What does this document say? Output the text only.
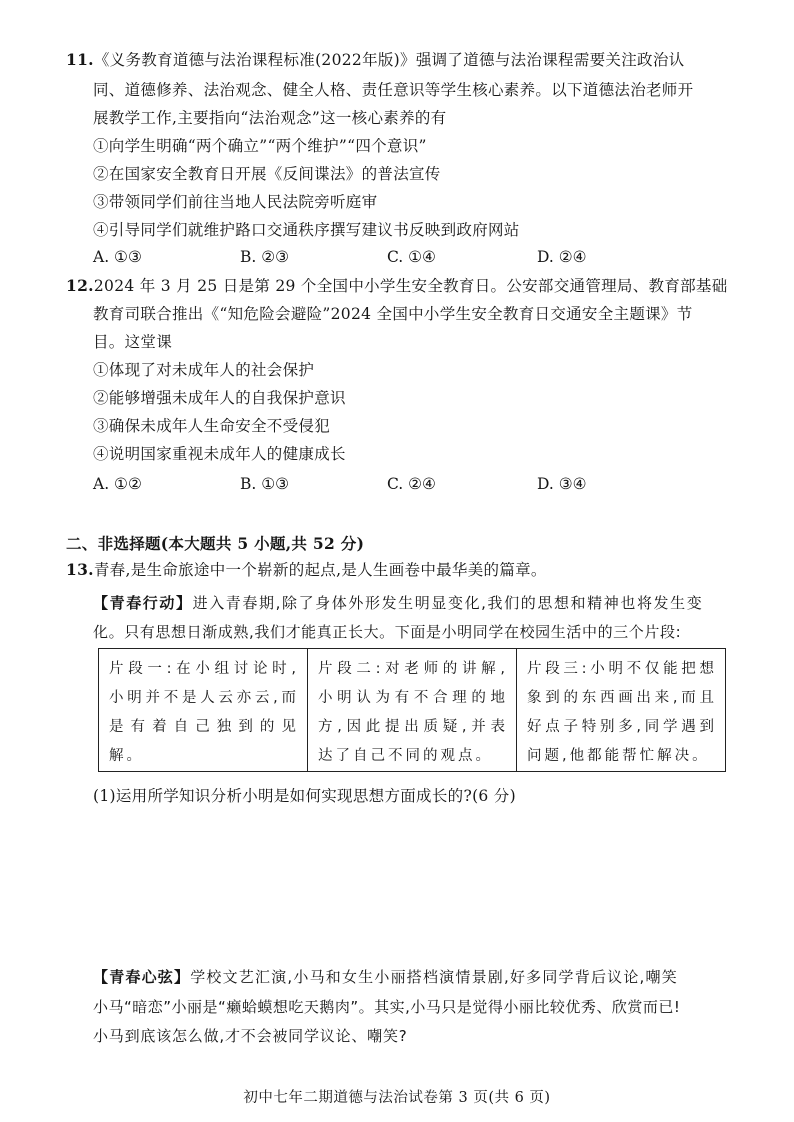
11.《义务教育道德与法治课程标准(2022年版)》强调了道德与法治课程需要关注政治认
同、道德修养、法治观念、健全人格、责任意识等学生核心素养。以下道德法治老师开
展教学工作,主要指向“法治观念”这一核心素养的有
①向学生明确“两个确立”“两个维护”“四个意识”
②在国家安全教育日开展《反间谍法》的普法宣传
③带领同学们前往当地人民法院旁听庭审
④引导同学们就维护路口交通秩序撰写建议书反映到政府网站
A. ①③	B. ②③	C. ①④	D. ②④
12.2024 年 3 月 25 日是第 29 个全国中小学生安全教育日。公安部交通管理局、教育部基础
教育司联合推出《“知危险会避险”2024 全国中小学生安全教育日交通安全主题课》节
目。这堂课
①体现了对未成年人的社会保护
②能够增强未成年人的自我保护意识
③确保未成年人生命安全不受侵犯
④说明国家重视未成年人的健康成长
A. ①②	B. ①③	C. ②④	D. ③④
二、非选择题(本大题共 5 小题,共 52 分)
13.青春,是生命旅途中一个崭新的起点,是人生画卷中最华美的篇章。
【青春行动】进入青春期,除了身体外形发生明显变化,我们的思想和精神也将发生变
化。只有思想日渐成熟,我们才能真正长大。下面是小明同学在校园生活中的三个片段:
片段一:在小组讨论时,小明并不是人云亦云,而是有着自己独到的见解。
片段二:对老师的讲解,小明认为有不合理的地方,因此提出质疑,并表达了自己不同的观点。
片段三:小明不仅能把想象到的东西画出来,而且好点子特别多,同学遇到问题,他都能帮忙解决。
(1)运用所学知识分析小明是如何实现思想方面成长的?(6 分)
【青春心弦】学校文艺汇演,小马和女生小丽搭档演情景剧,好多同学背后议论,嘲笑
小马“暗恋”小丽是“癞蛤蟆想吃天鹅肉”。其实,小马只是觉得小丽比较优秀、欣赏而已!
小马到底该怎么做,才不会被同学议论、嘲笑?
初中七年二期道德与法治试卷第 3 页(共 6 页)
